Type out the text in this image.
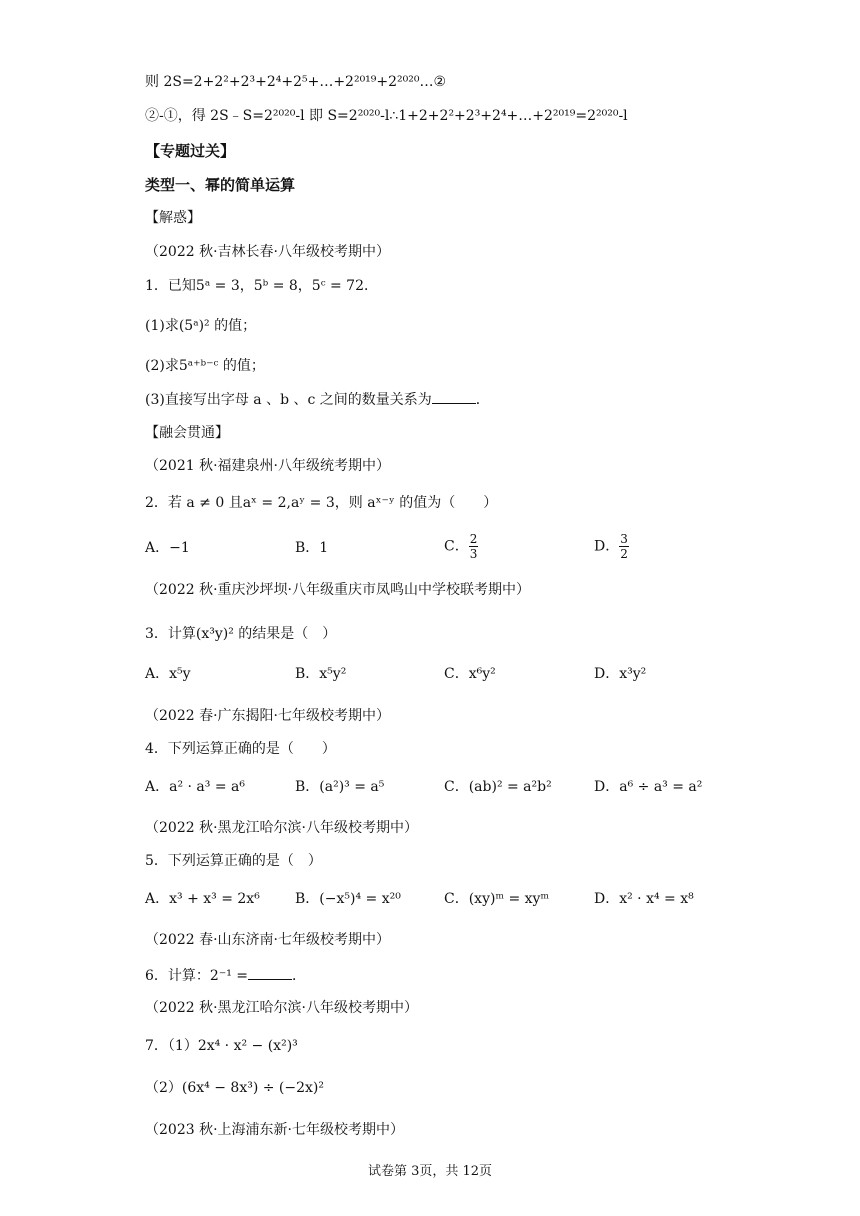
则 2S=2+2²+2³+2⁴+2⁵+…+2²⁰¹⁹+2²⁰²⁰…②
②-①，得 2S﹣S=2²⁰²⁰-l 即 S=2²⁰²⁰-l∴1+2+2²+2³+2⁴+…+2²⁰¹⁹=2²⁰²⁰-l
【专题过关】
类型一、幂的简单运算
【解惑】
（2022 秋·吉林长春·八年级校考期中）
1．已知5ᵃ = 3，5ᵇ = 8，5ᶜ = 72．
(1)求(5ᵃ)² 的值；
(2)求5ᵃ⁺ᵇ⁻ᶜ 的值；
(3)直接写出字母 a 、b 、c 之间的数量关系为	．
【融会贯通】
（2021 秋·福建泉州·八年级统考期中）
2．若 a ≠ 0 且aˣ = 2,aʸ = 3，则 aˣ⁻ʸ 的值为（　　）
A．−1	B．1	C． $\frac{2}{3}$	D． $\frac{3}{2}$
（2022 秋·重庆沙坪坝·八年级重庆市凤鸣山中学校联考期中）
3．计算(x³y)² 的结果是（　）
A．x⁵y	B．x⁵y²	C．x⁶y²	D．x³y²
（2022 春·广东揭阳·七年级校考期中）
4．下列运算正确的是（　　）
A．a² · a³ = a⁶	B．(a²)³ = a⁵	C．(ab)² = a²b²	D．a⁶ ÷ a³ = a²
（2022 秋·黑龙江哈尔滨·八年级校考期中）
5．下列运算正确的是（　）
A．x³ + x³ = 2x⁶	B．(−x⁵)⁴ = x²⁰	C．(xy)ᵐ = xyᵐ	D．x² · x⁴ = x⁸
（2022 春·山东济南·七年级校考期中）
6．计算：2⁻¹ =	．
（2022 秋·黑龙江哈尔滨·八年级校考期中）
7．（1）2x⁴ · x² − (x²)³
（2）(6x⁴ − 8x³) ÷ (−2x)²
（2023 秋·上海浦东新·七年级校考期中）
试卷第 3页，共 12页
